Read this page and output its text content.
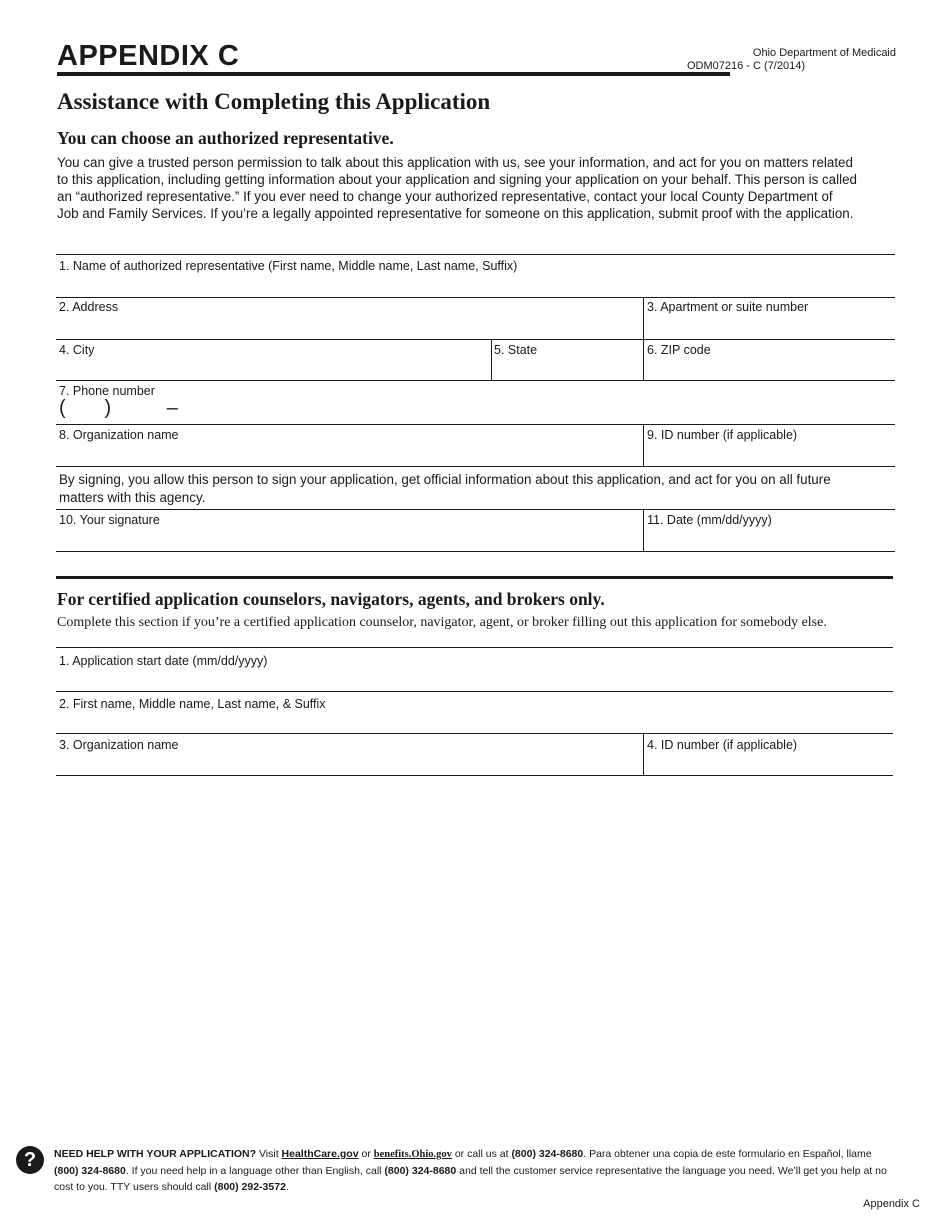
APPENDIX C	Ohio Department of Medicaid
ODM07216 - C (7/2014)
Assistance with Completing this Application
You can choose an authorized representative.

You can give a trusted person permission to talk about this application with us, see your information, and act for you on matters related to this application, including getting information about your application and signing your application on your behalf. This person is called an “authorized representative.” If you ever need to change your authorized representative, contact your local County Department of Job and Family Services. If you’re a legally appointed representative for someone on this application, submit proof with the application.

1. Name of authorized representative (First name, Middle name, Last name, Suffix)
2. Address	3. Apartment or suite number
4. City	5. State	6. ZIP code
7. Phone number
(       )          –
8. Organization name	9. ID number (if applicable)

By signing, you allow this person to sign your application, get official information about this application, and act for you on all future matters with this agency.

10. Your signature	11. Date (mm/dd/yyyy)
For certified application counselors, navigators, agents, and brokers only.

Complete this section if you’re a certified application counselor, navigator, agent, or broker filling out this application for somebody else.

1. Application start date (mm/dd/yyyy)
2. First name, Middle name, Last name, & Suffix
3. Organization name	4. ID number (if applicable)
?	NEED HELP WITH YOUR APPLICATION? Visit HealthCare.gov or benefits.Ohio.gov or call us at (800) 324-8680. Para obtener una copia de este formulario en Español, llame (800) 324-8680. If you need help in a language other than English, call (800) 324-8680 and tell the customer service representative the language you need. We’ll get you help at no cost to you. TTY users should call (800) 292-3572.

Appendix C
